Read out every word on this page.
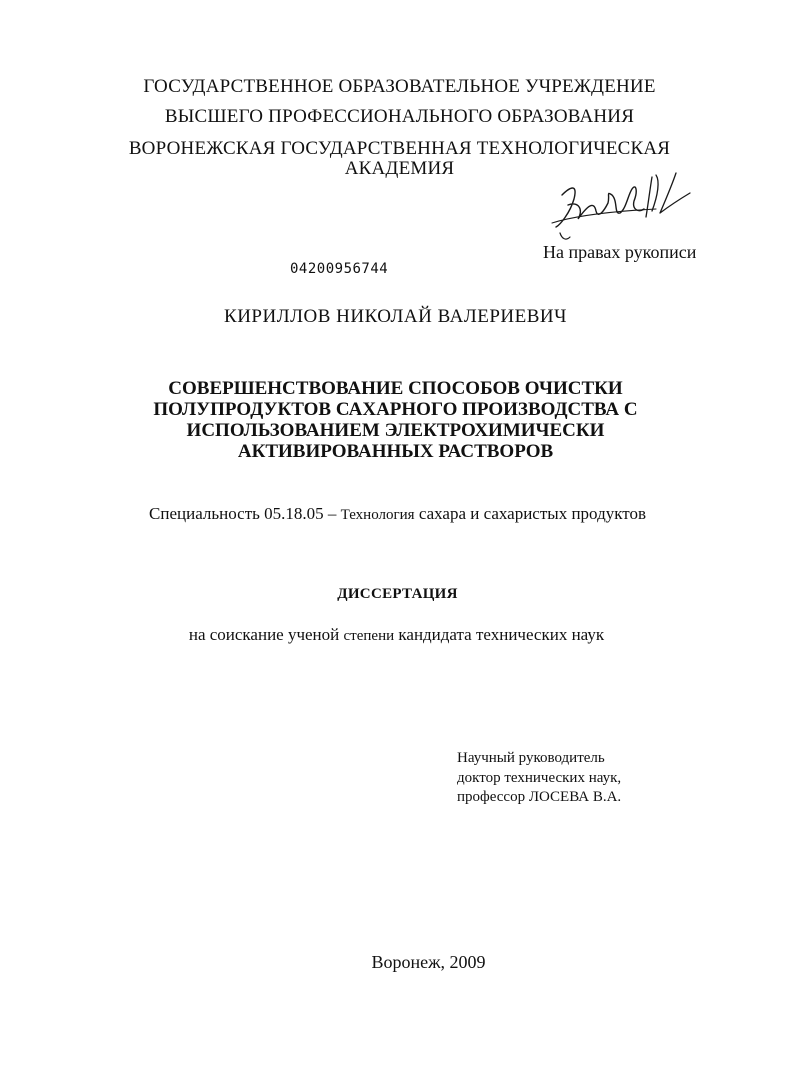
ГОСУДАРСТВЕННОЕ ОБРАЗОВАТЕЛЬНОЕ УЧРЕЖДЕНИЕ
ВЫСШЕГО ПРОФЕССИОНАЛЬНОГО ОБРАЗОВАНИЯ
ВОРОНЕЖСКАЯ ГОСУДАРСТВЕННАЯ ТЕХНОЛОГИЧЕСКАЯ
АКАДЕМИЯ
На правах рукописи
04200956744
КИРИЛЛОВ НИКОЛАЙ ВАЛЕРИЕВИЧ
СОВЕРШЕНСТВОВАНИЕ СПОСОБОВ ОЧИСТКИ
ПОЛУПРОДУКТОВ САХАРНОГО ПРОИЗВОДСТВА С
ИСПОЛЬЗОВАНИЕМ ЭЛЕКТРОХИМИЧЕСКИ
АКТИВИРОВАННЫХ РАСТВОРОВ
Специальность 05.18.05 – Технология сахара и сахаристых продуктов
ДИССЕРТАЦИЯ
на соискание ученой степени кандидата технических наук
Научный руководитель
доктор технических наук,
профессор ЛОСЕВА В.А.
Воронеж, 2009
